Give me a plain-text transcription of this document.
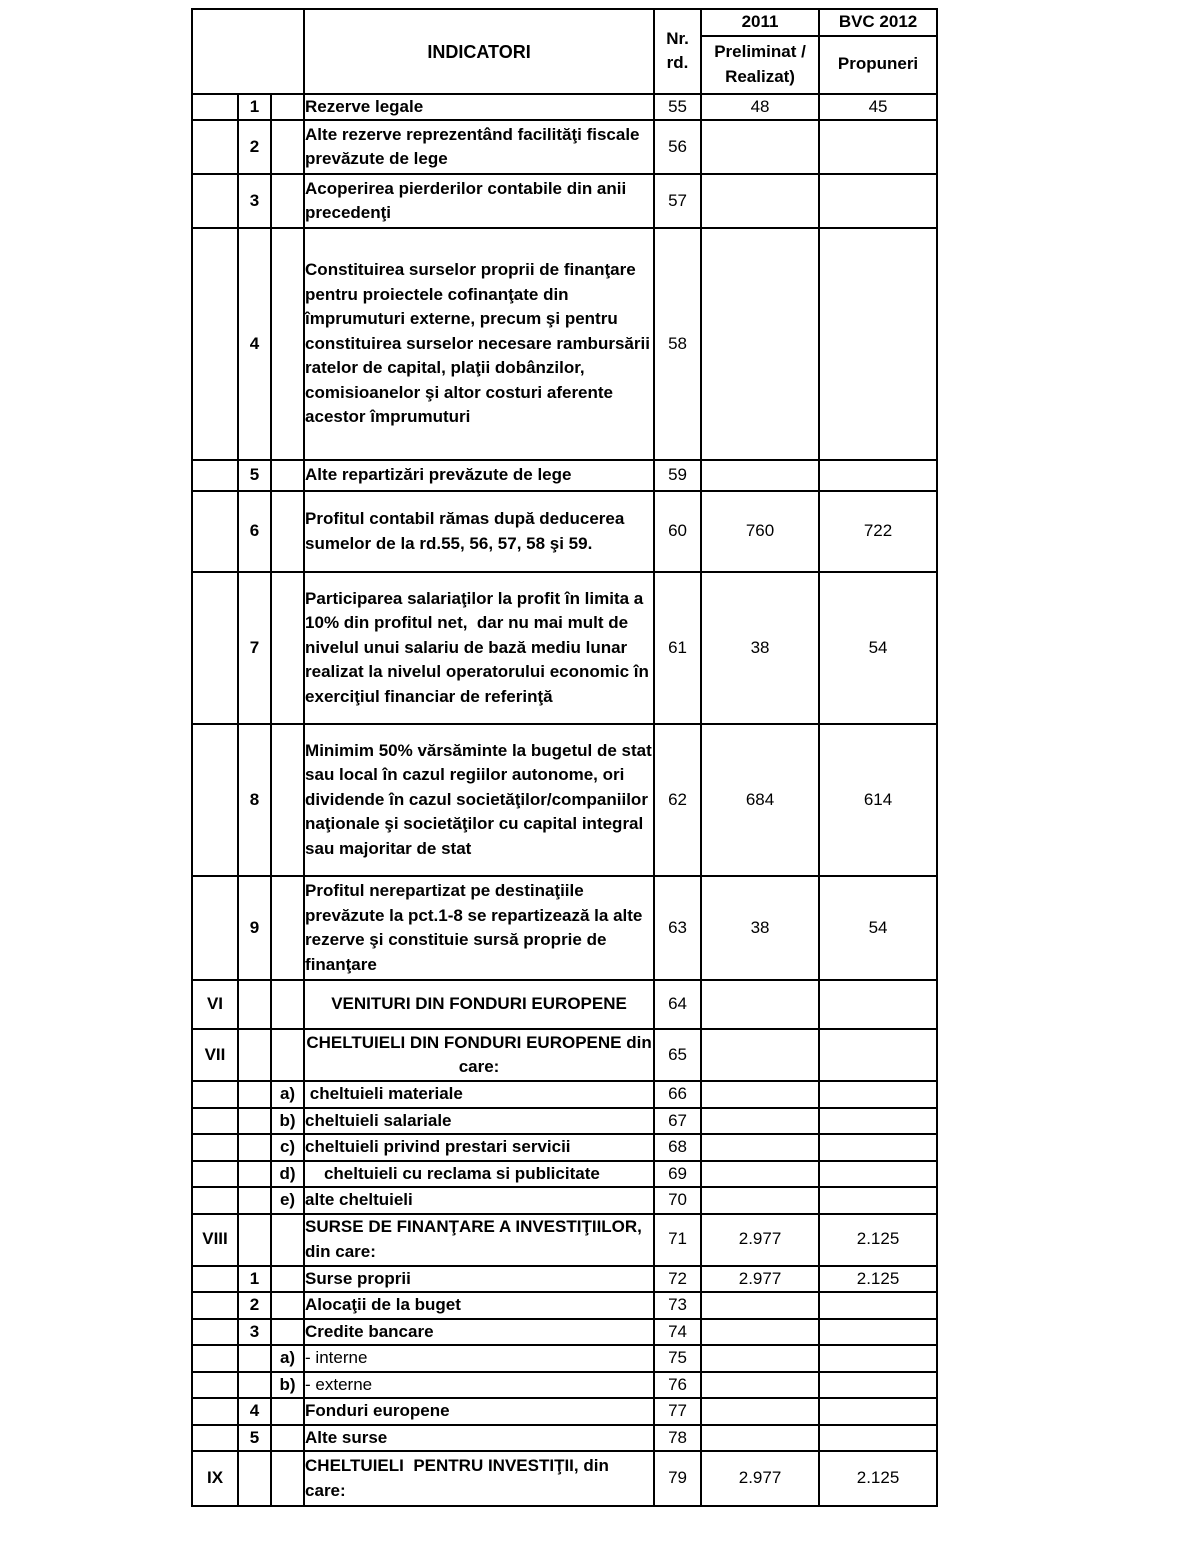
			INDICATORI	Nr. rd.	2011	BVC 2012
					Preliminat / Realizat)	Propuneri
	1		Rezerve legale	55	48	45
	2		Alte rezerve reprezentând facilităţi fiscale prevăzute de lege	56		
	3		Acoperirea pierderilor contabile din anii precedenţi	57		
	4		Constituirea surselor proprii de finanţare pentru proiectele cofinanţate din împrumuturi externe, precum şi pentru constituirea surselor necesare rambursării ratelor de capital, plaţii dobânzilor, comisioanelor şi altor costuri aferente acestor împrumuturi	58		
	5		Alte repartizări prevăzute de lege	59		
	6		Profitul contabil rămas după deducerea sumelor de la rd.55, 56, 57, 58 şi 59.	60	760	722
	7		Participarea salariaţilor la profit în limita a 10% din profitul net,  dar nu mai mult de nivelul unui salariu de bază mediu lunar realizat la nivelul operatorului economic în exerciţiul financiar de referinţă	61	38	54
	8		Minimim 50% vărsăminte la bugetul de stat sau local în cazul regiilor autonome, ori dividende în cazul societăţilor/companiilor naţionale şi societăţilor cu capital integral sau majoritar de stat	62	684	614
	9		Profitul nerepartizat pe destinaţiile prevăzute la pct.1-8 se repartizează la alte rezerve şi constituie sursă proprie de finanţare	63	38	54
VI			VENITURI DIN FONDURI EUROPENE	64		
VII			CHELTUIELI DIN FONDURI EUROPENE din care:	65		
		a)	cheltuieli materiale	66		
		b)	cheltuieli salariale	67		
		c)	cheltuieli privind prestari servicii	68		
		d)	cheltuieli cu reclama si publicitate	69		
		e)	alte cheltuieli	70		
VIII			SURSE DE FINANŢARE A INVESTIŢIILOR, din care:	71	2.977	2.125
	1		Surse proprii	72	2.977	2.125
	2		Alocaţii de la buget	73		
	3		Credite bancare	74		
		a)	- interne	75		
		b)	- externe	76		
	4		Fonduri europene	77		
	5		Alte surse	78		
IX			CHELTUIELI  PENTRU INVESTIŢII, din care:	79	2.977	2.125
